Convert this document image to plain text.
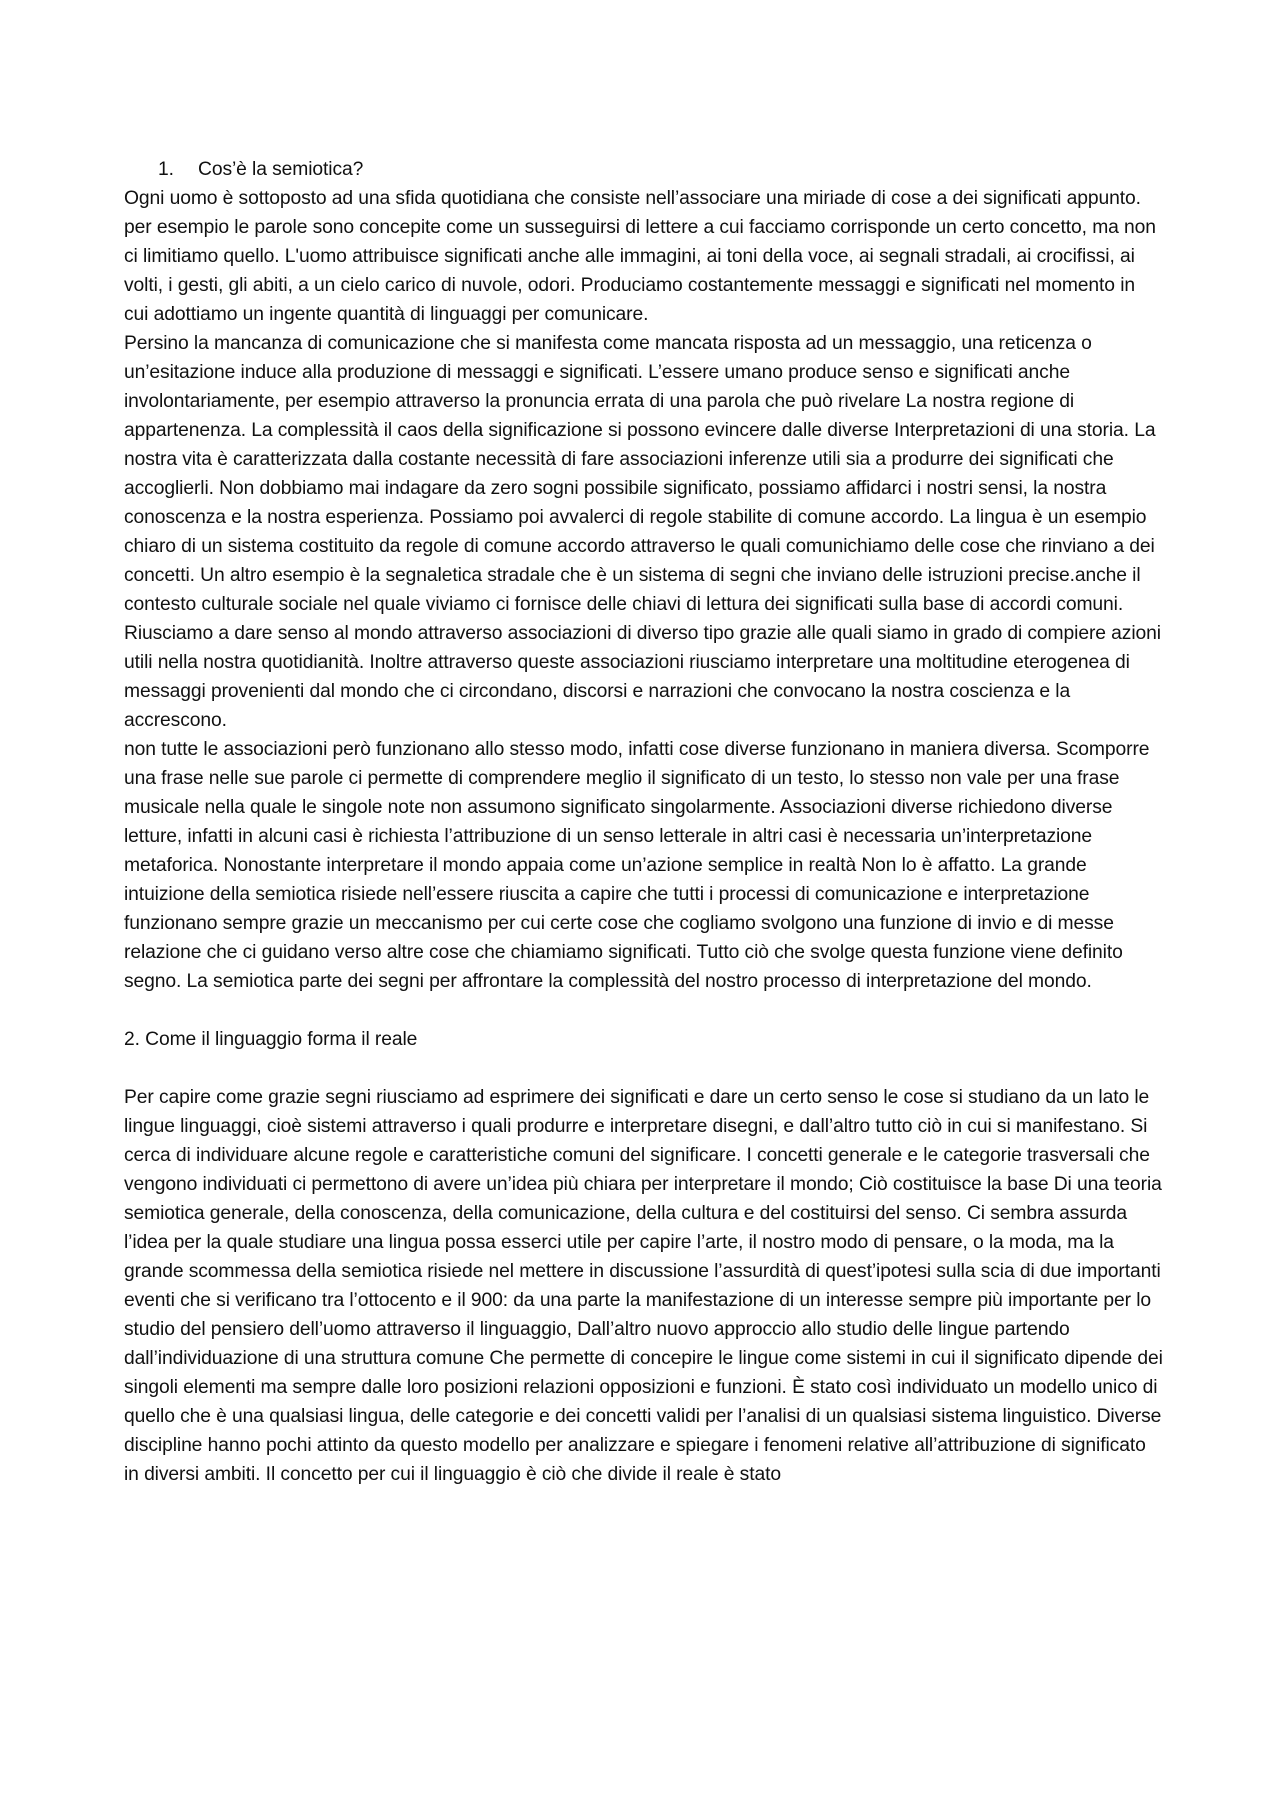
1.	Cos’è la semiotica?

Ogni uomo è sottoposto ad una sfida quotidiana che consiste nell’associare una miriade di cose a dei significati appunto. per esempio le parole sono concepite come un susseguirsi di lettere a cui facciamo corrisponde un certo concetto, ma non ci limitiamo quello. L'uomo attribuisce significati anche alle immagini, ai toni della voce, ai segnali stradali, ai crocifissi, ai volti, i gesti, gli abiti, a un cielo carico di nuvole, odori. Produciamo costantemente messaggi e significati nel momento in cui adottiamo un ingente quantità di linguaggi per comunicare.

Persino la mancanza di comunicazione che si manifesta come mancata risposta ad un messaggio, una reticenza o un’esitazione induce alla produzione di messaggi e significati. L’essere umano produce senso e significati anche involontariamente, per esempio attraverso la pronuncia errata di una parola che può rivelare La nostra regione di appartenenza. La complessità il caos della significazione si possono evincere dalle diverse Interpretazioni di una storia. La nostra vita è caratterizzata dalla costante necessità di fare associazioni inferenze utili sia a produrre dei significati che accoglierli. Non dobbiamo mai indagare da zero sogni possibile significato, possiamo affidarci i nostri sensi, la nostra conoscenza e la nostra esperienza. Possiamo poi avvalerci di regole stabilite di comune accordo. La lingua è un esempio chiaro di un sistema costituito da regole di comune accordo attraverso le quali comunichiamo delle cose che rinviano a dei concetti. Un altro esempio è la segnaletica stradale che è un sistema di segni che inviano delle istruzioni precise.anche il contesto culturale sociale nel quale viviamo ci fornisce delle chiavi di lettura dei significati sulla base di accordi comuni.

Riusciamo a dare senso al mondo attraverso associazioni di diverso tipo grazie alle quali siamo in grado di compiere azioni utili nella nostra quotidianità. Inoltre attraverso queste associazioni riusciamo interpretare una moltitudine eterogenea di messaggi provenienti dal mondo che ci circondano, discorsi e narrazioni che convocano la nostra coscienza e la accrescono.

non tutte le associazioni però funzionano allo stesso modo, infatti cose diverse funzionano in maniera diversa. Scomporre una frase nelle sue parole ci permette di comprendere meglio il significato di un testo, lo stesso non vale per una frase musicale nella quale le singole note non assumono significato singolarmente. Associazioni diverse richiedono diverse letture, infatti in alcuni casi è richiesta l’attribuzione di un senso letterale in altri casi è necessaria un’interpretazione metaforica. Nonostante interpretare il mondo appaia come un’azione semplice in realtà Non lo è affatto. La grande intuizione della semiotica risiede nell’essere riuscita a capire che tutti i processi di comunicazione e interpretazione funzionano sempre grazie un meccanismo per cui certe cose che cogliamo svolgono una funzione di invio e di messe relazione che ci guidano verso altre cose che chiamiamo significati. Tutto ciò che svolge questa funzione viene definito segno. La semiotica parte dei segni per affrontare la complessità del nostro processo di interpretazione del mondo.

2. Come il linguaggio forma il reale

Per capire come grazie segni riusciamo ad esprimere dei significati e dare un certo senso le cose si studiano da un lato le lingue linguaggi, cioè sistemi attraverso i quali produrre e interpretare disegni, e dall’altro tutto ciò in cui si manifestano. Si cerca di individuare alcune regole e caratteristiche comuni del significare. I concetti generale e le categorie trasversali che vengono individuati ci permettono di avere un’idea più chiara per interpretare il mondo; Ciò costituisce la base Di una teoria semiotica generale, della conoscenza, della comunicazione, della cultura e del costituirsi del senso. Ci sembra assurda l’idea per la quale studiare una lingua possa esserci utile per capire l’arte, il nostro modo di pensare, o la moda, ma la grande scommessa della semiotica risiede nel mettere in discussione l’assurdità di quest’ipotesi sulla scia di due importanti eventi che si verificano tra l’ottocento e il 900: da una parte la manifestazione di un interesse sempre più importante per lo studio del pensiero dell’uomo attraverso il linguaggio, Dall’altro nuovo approccio allo studio delle lingue partendo dall’individuazione di una struttura comune Che permette di concepire le lingue come sistemi in cui il significato dipende dei singoli elementi ma sempre dalle loro posizioni relazioni opposizioni e funzioni. È stato così individuato un modello unico di quello che è una qualsiasi lingua, delle categorie e dei concetti validi per l’analisi di un qualsiasi sistema linguistico. Diverse discipline hanno pochi attinto da questo modello per analizzare e spiegare i fenomeni relative all’attribuzione di significato in diversi ambiti. Il concetto per cui il linguaggio è ciò che divide il reale è stato
